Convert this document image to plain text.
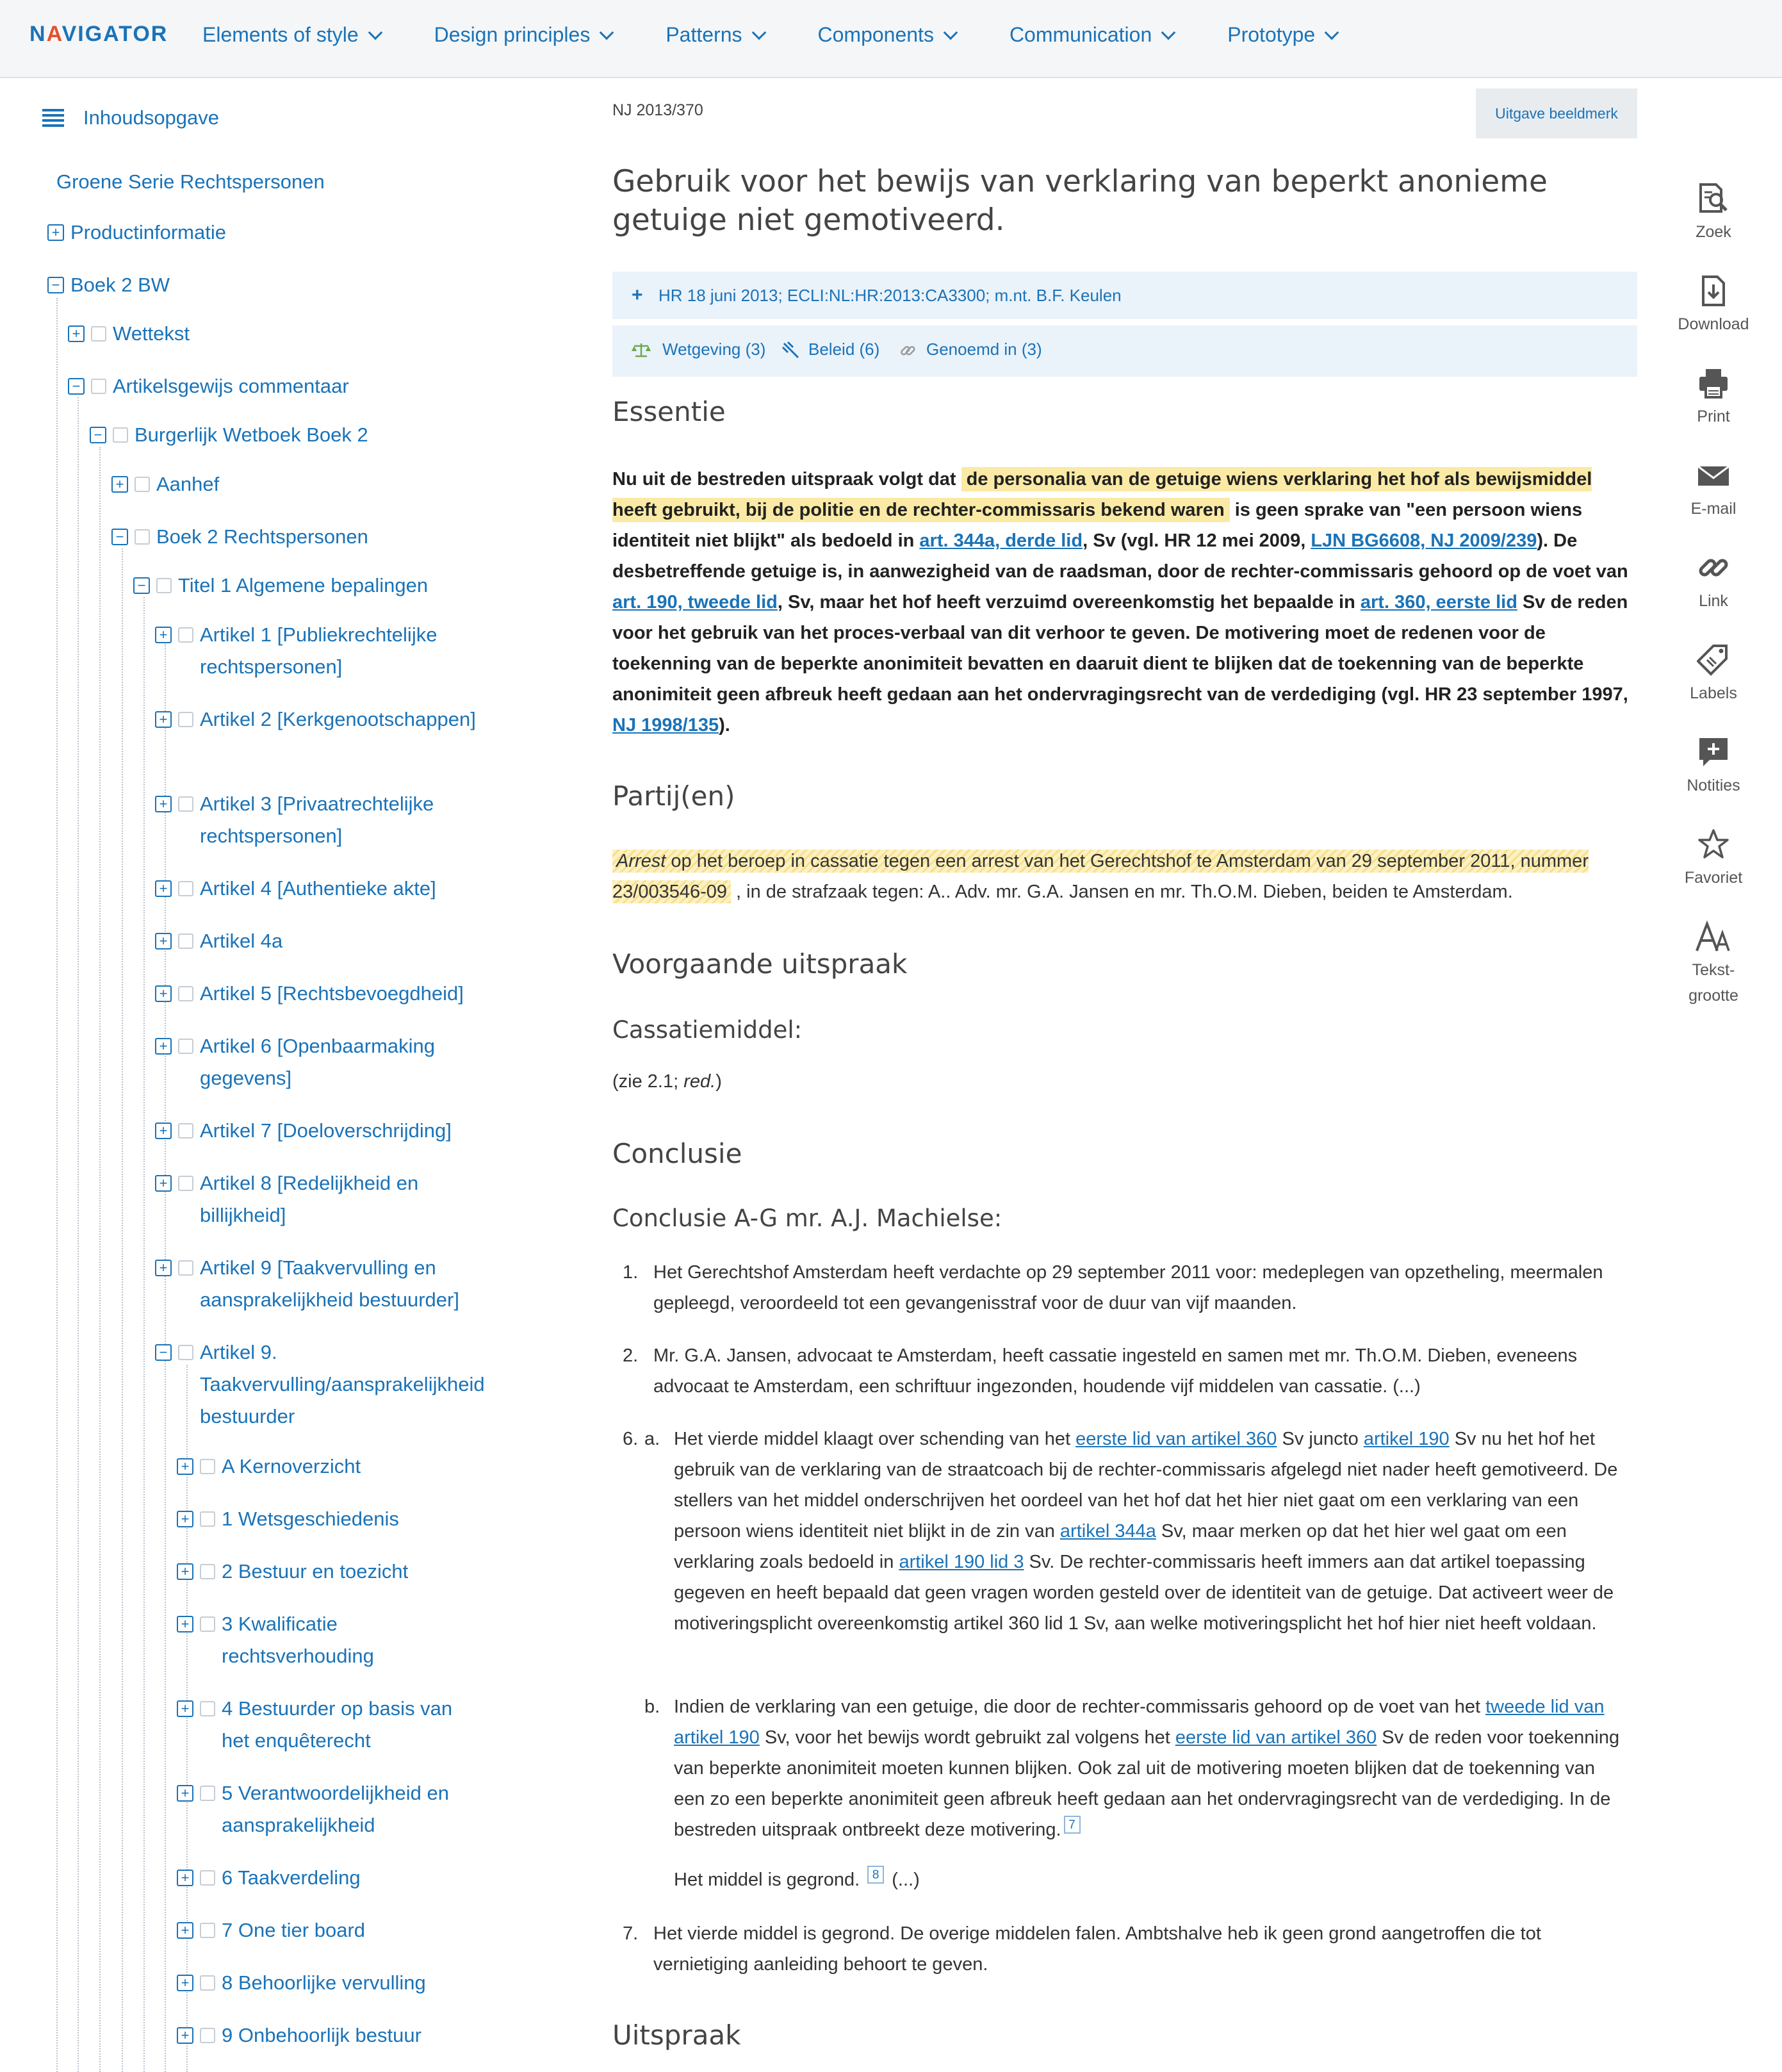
NAVIGATOR Elements of style	Design principles	Patterns	Components	Communication	Prototype
Inhoudsopgave
Groene Serie Rechtspersonen
+ Productinformatie
− Boek 2 BW
+ Wettekst
− Artikelsgewijs commentaar
− Burgerlijk Wetboek Boek 2
+ Aanhef
− Boek 2 Rechtspersonen
− Titel 1 Algemene bepalingen
+ Artikel 1 [Publiekrechtelijke rechtspersonen]
+ Artikel 2 [Kerkgenootschappen]
+ Artikel 3 [Privaatrechtelijke rechtspersonen]
+ Artikel 4 [Authentieke akte]
+ Artikel 4a
+ Artikel 5 [Rechtsbevoegdheid]
+ Artikel 6 [Openbaarmaking gegevens]
+ Artikel 7 [Doeloverschrijding]
+ Artikel 8 [Redelijkheid en billijkheid]
+ Artikel 9 [Taakvervulling en aansprakelijkheid bestuurder]
− Artikel 9. Taakvervulling/aansprakelijkheid bestuurder
+ A Kernoverzicht
+ 1 Wetsgeschiedenis
+ 2 Bestuur en toezicht
+ 3 Kwalificatie rechtsverhouding
+ 4 Bestuurder op basis van het enquêterecht
+ 5 Verantwoordelijkheid en aansprakelijkheid
+ 6 Taakverdeling
+ 7 One tier board
+ 8 Behoorlijke vervulling
+ 9 Onbehoorlijk bestuur
NJ 2013/370	Uitgave beeldmerk
Gebruik voor het bewijs van verklaring van beperkt anonieme getuige niet gemotiveerd.
+ HR 18 juni 2013; ECLI:NL:HR:2013:CA3300; m.nt. B.F. Keulen
Wetgeving (3)	Beleid (6)	Genoemd in (3)
Essentie
Nu uit de bestreden uitspraak volgt dat de personalia van de getuige wiens verklaring het hof als bewijsmiddel heeft gebruikt, bij de politie en de rechter-commissaris bekend waren is geen sprake van "een persoon wiens identiteit niet blijkt" als bedoeld in art. 344a, derde lid, Sv (vgl. HR 12 mei 2009, LJN BG6608, NJ 2009/239). De desbetreffende getuige is, in aanwezigheid van de raadsman, door de rechter-commissaris gehoord op de voet van art. 190, tweede lid, Sv, maar het hof heeft verzuimd overeenkomstig het bepaalde in art. 360, eerste lid Sv de reden voor het gebruik van het proces-verbaal van dit verhoor te geven. De motivering moet de redenen voor de toekenning van de beperkte anonimiteit bevatten en daaruit dient te blijken dat de toekenning van de beperkte anonimiteit geen afbreuk heeft gedaan aan het ondervragingsrecht van de verdediging (vgl. HR 23 september 1997, NJ 1998/135).
Partij(en)
Arrest op het beroep in cassatie tegen een arrest van het Gerechtshof te Amsterdam van 29 september 2011, nummer 23/003546-09 , in de strafzaak tegen: A.. Adv. mr. G.A. Jansen en mr. Th.O.M. Dieben, beiden te Amsterdam.
Voorgaande uitspraak
Cassatiemiddel:
(zie 2.1; red.)
Conclusie
Conclusie A-G mr. A.J. Machielse:
1. Het Gerechtshof Amsterdam heeft verdachte op 29 september 2011 voor: medeplegen van opzetheling, meermalen gepleegd, veroordeeld tot een gevangenisstraf voor de duur van vijf maanden.
2. Mr. G.A. Jansen, advocaat te Amsterdam, heeft cassatie ingesteld en samen met mr. Th.O.M. Dieben, eveneens advocaat te Amsterdam, een schriftuur ingezonden, houdende vijf middelen van cassatie. (...)
6. a. Het vierde middel klaagt over schending van het eerste lid van artikel 360 Sv juncto artikel 190 Sv nu het hof het gebruik van de verklaring van de straatcoach bij de rechter-commissaris afgelegd niet nader heeft gemotiveerd. De stellers van het middel onderschrijven het oordeel van het hof dat het hier niet gaat om een verklaring van een persoon wiens identiteit niet blijkt in de zin van artikel 344a Sv, maar merken op dat het hier wel gaat om een verklaring zoals bedoeld in artikel 190 lid 3 Sv. De rechter-commissaris heeft immers aan dat artikel toepassing gegeven en heeft bepaald dat geen vragen worden gesteld over de identiteit van de getuige. Dat activeert weer de motiveringsplicht overeenkomstig artikel 360 lid 1 Sv, aan welke motiveringsplicht het hof hier niet heeft voldaan.
b. Indien de verklaring van een getuige, die door de rechter-commissaris gehoord op de voet van het tweede lid van artikel 190 Sv, voor het bewijs wordt gebruikt zal volgens het eerste lid van artikel 360 Sv de reden voor toekenning van beperkte anonimiteit moeten kunnen blijken. Ook zal uit de motivering moeten blijken dat de toekenning van een zo een beperkte anonimiteit geen afbreuk heeft gedaan aan het ondervragingsrecht van de verdediging. In de bestreden uitspraak ontbreekt deze motivering. 7
Het middel is gegrond. 8 (...)
7. Het vierde middel is gegrond. De overige middelen falen. Ambtshalve heb ik geen grond aangetroffen die tot vernietiging aanleiding behoort te geven.
Uitspraak
Zoek
Download
Print
E-mail
Link
Labels
Notities
Favoriet
Tekst-
grootte
